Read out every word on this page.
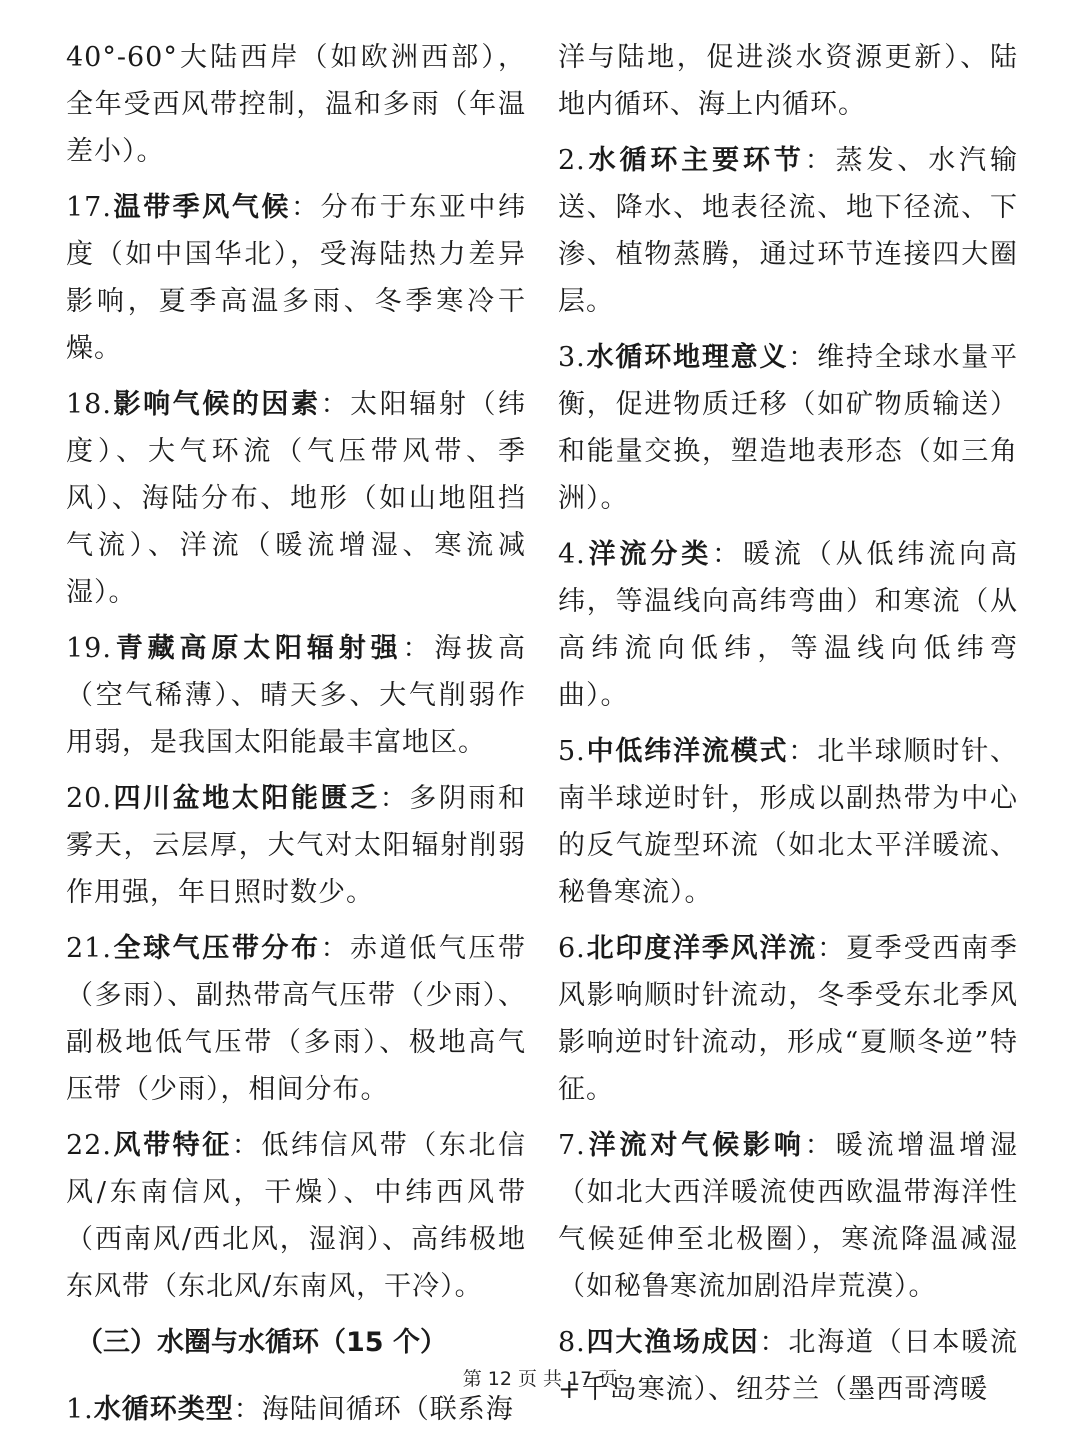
40°-60°大陆西岸（如欧洲西部），全年受西风带控制，温和多雨（年温差小）。

17.温带季风气候：分布于东亚中纬度（如中国华北），受海陆热力差异影响，夏季高温多雨、冬季寒冷干燥。

18.影响气候的因素：太阳辐射（纬度）、大气环流（气压带风带、季风）、海陆分布、地形（如山地阻挡气流）、洋流（暖流增湿、寒流减湿）。

19.青藏高原太阳辐射强：海拔高（空气稀薄）、晴天多、大气削弱作用弱，是我国太阳能最丰富地区。

20.四川盆地太阳能匮乏：多阴雨和雾天，云层厚，大气对太阳辐射削弱作用强，年日照时数少。

21.全球气压带分布：赤道低气压带（多雨）、副热带高气压带（少雨）、副极地低气压带（多雨）、极地高气压带（少雨），相间分布。

22.风带特征：低纬信风带（东北信风/东南信风，干燥）、中纬西风带（西南风/西北风，湿润）、高纬极地东风带（东北风/东南风，干冷）。

（三）水圈与水循环（15 个）

1.水循环类型：海陆间循环（联系海

洋与陆地，促进淡水资源更新）、陆地内循环、海上内循环。

2.水循环主要环节：蒸发、水汽输送、降水、地表径流、地下径流、下渗、植物蒸腾，通过环节连接四大圈层。

3.水循环地理意义：维持全球水量平衡，促进物质迁移（如矿物质输送）和能量交换，塑造地表形态（如三角洲）。

4.洋流分类：暖流（从低纬流向高纬，等温线向高纬弯曲）和寒流（从高纬流向低纬，等温线向低纬弯曲）。

5.中低纬洋流模式：北半球顺时针、南半球逆时针，形成以副热带为中心的反气旋型环流（如北太平洋暖流、秘鲁寒流）。

6.北印度洋季风洋流：夏季受西南季风影响顺时针流动，冬季受东北季风影响逆时针流动，形成“夏顺冬逆”特征。

7.洋流对气候影响：暖流增温增湿（如北大西洋暖流使西欧温带海洋性气候延伸至北极圈），寒流降温减湿（如秘鲁寒流加剧沿岸荒漠）。

8.四大渔场成因：北海道（日本暖流+千岛寒流）、纽芬兰（墨西哥湾暖

第 12 页 共 17 页
